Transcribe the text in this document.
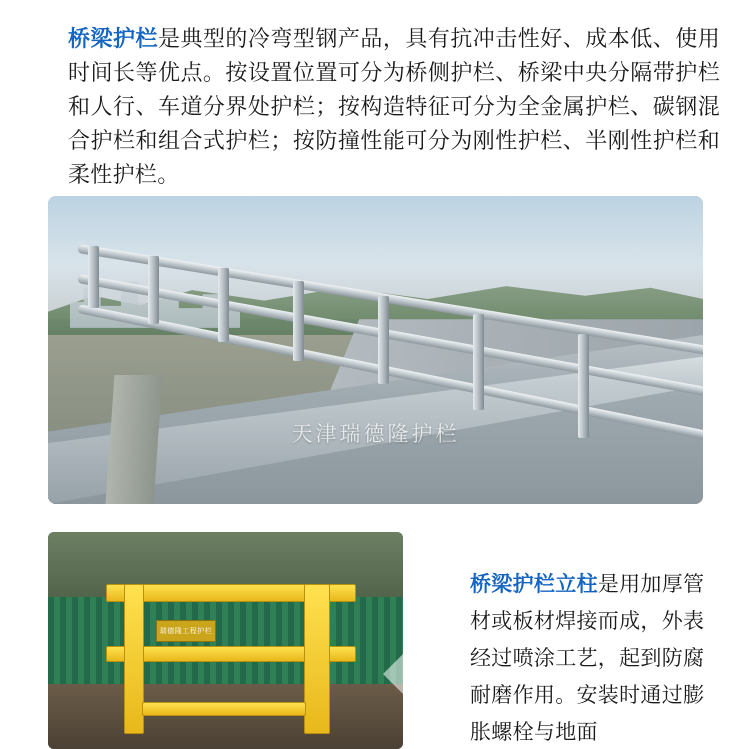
桥梁护栏是典型的冷弯型钢产品，具有抗冲击性好、成本低、使用时间长等优点。按设置位置可分为桥侧护栏、桥梁中央分隔带护栏和人行、车道分界处护栏；按构造特征可分为全金属护栏、碳钢混合护栏和组合式护栏；按防撞性能可分为刚性护栏、半刚性护栏和柔性护栏。

天津瑞德隆护栏
瑞德隆工程护栏

桥梁护栏立柱是用加厚管材或板材焊接而成，外表经过喷涂工艺，起到防腐耐磨作用。安装时通过膨胀螺栓与地面
